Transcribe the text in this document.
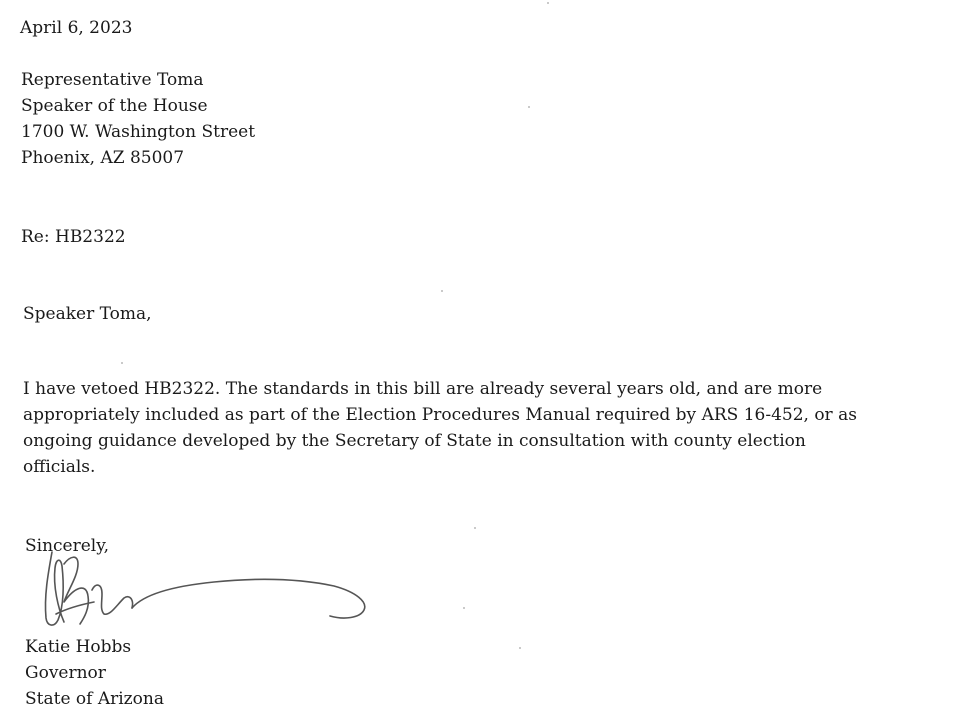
April 6, 2023
Representative Toma
Speaker of the House
1700 W. Washington Street
Phoenix, AZ 85007
Re: HB2322
Speaker Toma,
I have vetoed HB2322. The standards in this bill are already several years old, and are more
appropriately included as part of the Election Procedures Manual required by ARS 16-452, or as
ongoing guidance developed by the Secretary of State in consultation with county election
officials.
Sincerely,
Katie Hobbs
Governor
State of Arizona
